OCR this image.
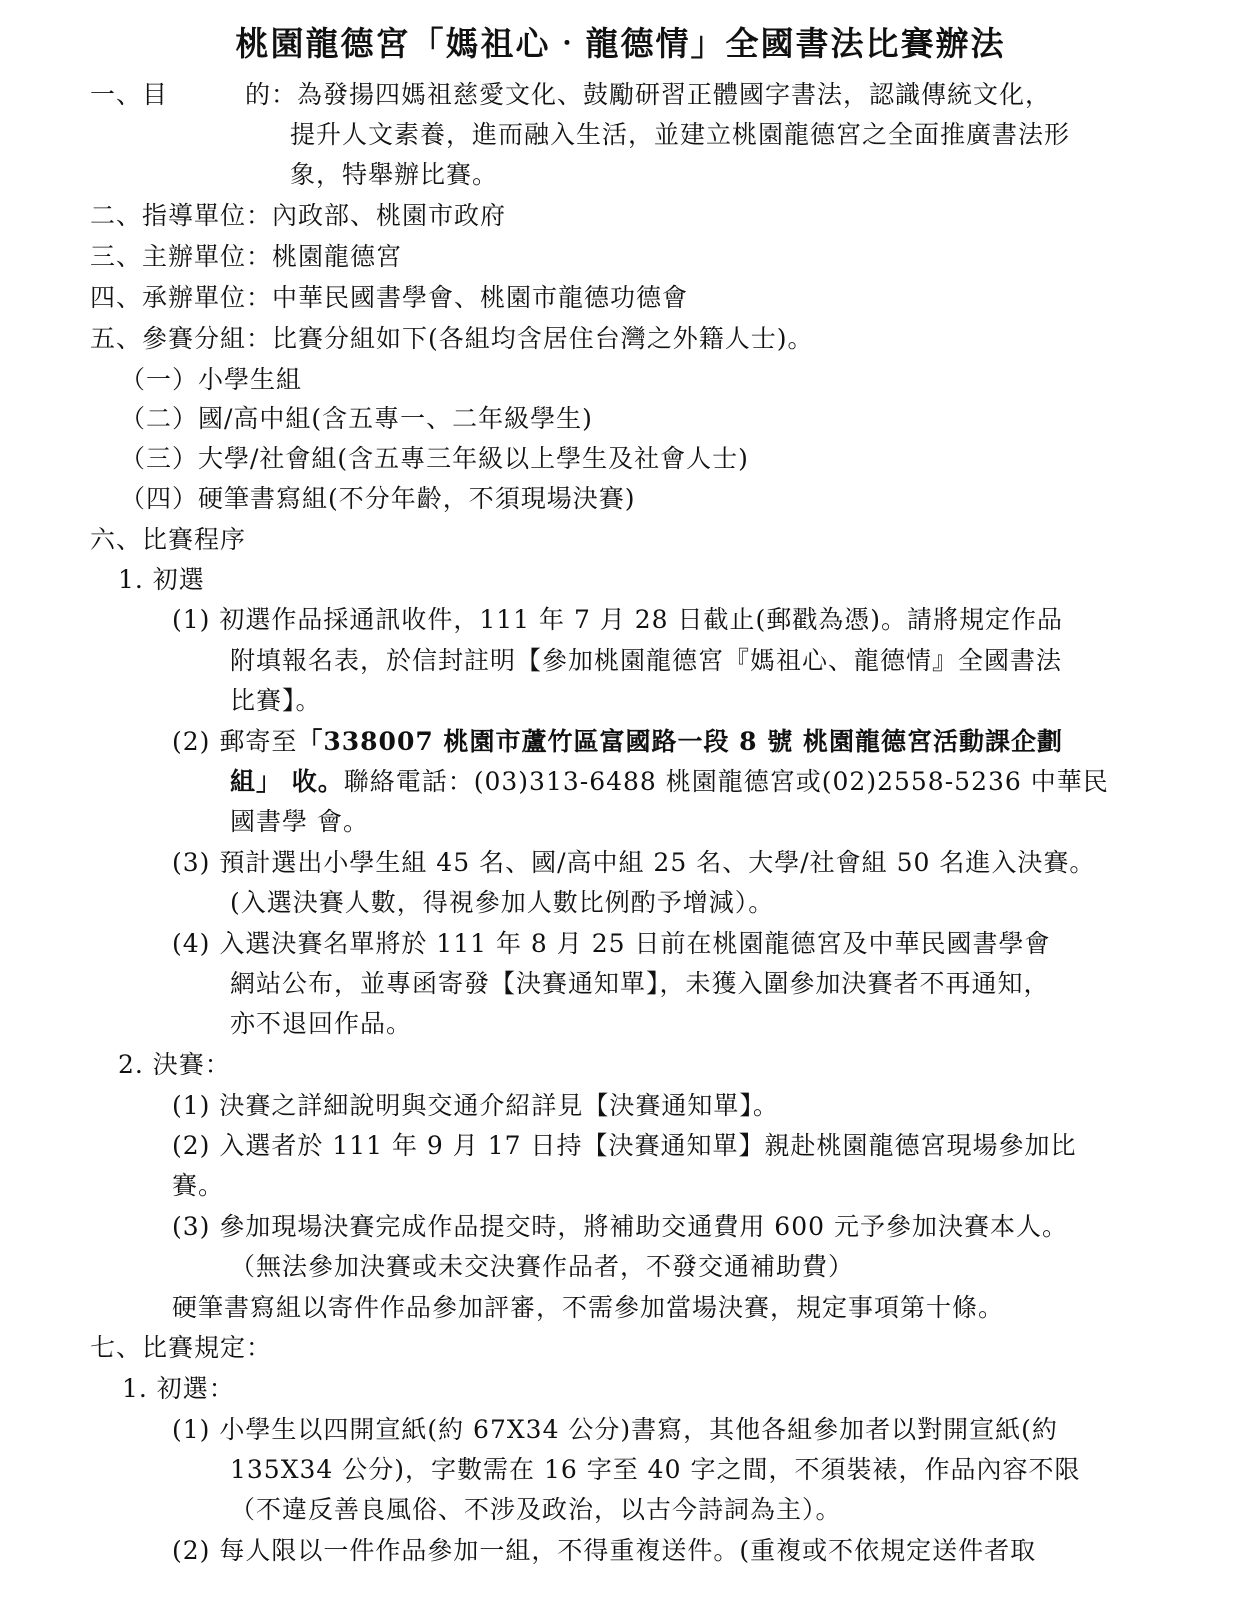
桃園龍德宮「媽祖心‧龍德情」全國書法比賽辦法
一、目	的：為發揚四媽祖慈愛文化、鼓勵研習正體國字書法，認識傳統文化，
提升人文素養，進而融入生活，並建立桃園龍德宮之全面推廣書法形
象，特舉辦比賽。
二、指導單位：內政部、桃園市政府
三、主辦單位：桃園龍德宮
四、承辦單位：中華民國書學會、桃園市龍德功德會
五、參賽分組：比賽分組如下(各組均含居住台灣之外籍人士)。
（一）小學生組
（二）國/高中組(含五專一、二年級學生)
（三）大學/社會組(含五專三年級以上學生及社會人士)
（四）硬筆書寫組(不分年齡，不須現場決賽)
六、比賽程序
1. 初選
(1) 初選作品採通訊收件，111 年 7 月 28 日截止(郵戳為憑)。請將規定作品
附填報名表，於信封註明【參加桃園龍德宮『媽祖心、龍德情』全國書法
比賽】。
(2) 郵寄至「338007 桃園市蘆竹區富國路一段 8 號 桃園龍德宮活動課企劃
組」 收。聯絡電話：(03)313-6488 桃園龍德宮或(02)2558-5236 中華民
國書學 會。
(3) 預計選出小學生組 45 名、國/高中組 25 名、大學/社會組 50 名進入決賽。
(入選決賽人數，得視參加人數比例酌予增減）。
(4) 入選決賽名單將於 111 年 8 月 25 日前在桃園龍德宮及中華民國書學會
網站公布，並專函寄發【決賽通知單】，未獲入圍參加決賽者不再通知，
亦不退回作品。
2. 決賽：
(1) 決賽之詳細說明與交通介紹詳見【決賽通知單】。
(2) 入選者於 111 年 9 月 17 日持【決賽通知單】親赴桃園龍德宮現場參加比
賽。
(3) 參加現場決賽完成作品提交時，將補助交通費用 600 元予參加決賽本人。
（無法參加決賽或未交決賽作品者，不發交通補助費）
硬筆書寫組以寄件作品參加評審，不需參加當場決賽，規定事項第十條。
七、比賽規定：
1. 初選：
(1) 小學生以四開宣紙(約 67X34 公分)書寫，其他各組參加者以對開宣紙(約
135X34 公分)，字數需在 16 字至 40 字之間，不須裝裱，作品內容不限
（不違反善良風俗、不涉及政治，以古今詩詞為主）。
(2) 每人限以一件作品參加一組，不得重複送件。(重複或不依規定送件者取
